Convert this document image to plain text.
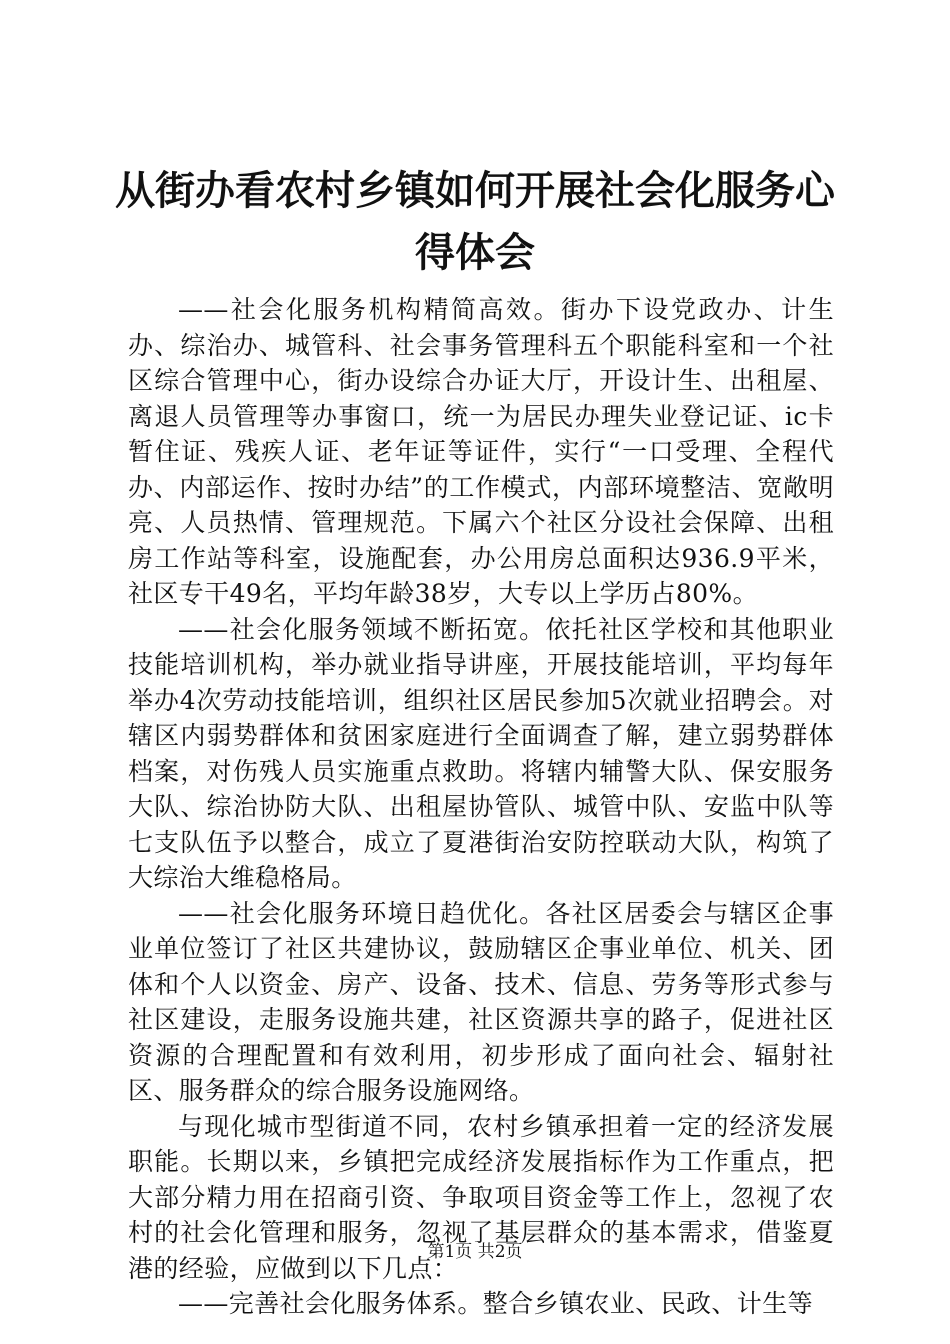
从街办看农村乡镇如何开展社会化服务心得体会

——社会化服务机构精简高效。街办下设党政办、计生办、综治办、城管科、社会事务管理科五个职能科室和一个社区综合管理中心，街办设综合办证大厅，开设计生、出租屋、离退人员管理等办事窗口，统一为居民办理失业登记证、ic卡暂住证、残疾人证、老年证等证件，实行“一口受理、全程代办、内部运作、按时办结”的工作模式，内部环境整洁、宽敞明亮、人员热情、管理规范。下属六个社区分设社会保障、出租房工作站等科室，设施配套，办公用房总面积达936.9平米，社区专干49名，平均年龄38岁，大专以上学历占80%。

——社会化服务领域不断拓宽。依托社区学校和其他职业技能培训机构，举办就业指导讲座，开展技能培训，平均每年举办4次劳动技能培训，组织社区居民参加5次就业招聘会。对辖区内弱势群体和贫困家庭进行全面调查了解，建立弱势群体档案，对伤残人员实施重点救助。将辖内辅警大队、保安服务大队、综治协防大队、出租屋协管队、城管中队、安监中队等七支队伍予以整合，成立了夏港街治安防控联动大队，构筑了大综治大维稳格局。

——社会化服务环境日趋优化。各社区居委会与辖区企事业单位签订了社区共建协议，鼓励辖区企事业单位、机关、团体和个人以资金、房产、设备、技术、信息、劳务等形式参与社区建设，走服务设施共建，社区资源共享的路子，促进社区资源的合理配置和有效利用，初步形成了面向社会、辐射社区、服务群众的综合服务设施网络。

与现化城市型街道不同，农村乡镇承担着一定的经济发展职能。长期以来，乡镇把完成经济发展指标作为工作重点，把大部分精力用在招商引资、争取项目资金等工作上，忽视了农村的社会化管理和服务，忽视了基层群众的基本需求，借鉴夏港的经验，应做到以下几点：

——完善社会化服务体系。整合乡镇农业、民政、计生等

第1页 共2页
